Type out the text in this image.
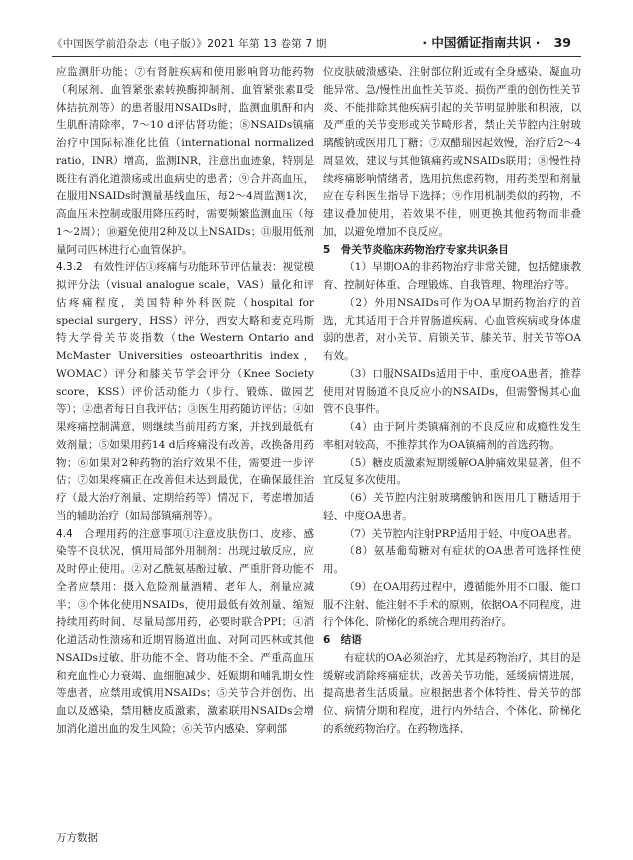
《中国医学前沿杂志（电子版）》2021 年第 13 卷第 7 期	· 中国循证指南共识 · 39

应监测肝功能；⑦有肾脏疾病和使用影响肾功能药物（利尿剂、血管紧张素转换酶抑制剂、血管紧张素Ⅱ受体拮抗剂等）的患者服用NSAIDs时，监测血肌酐和内生肌酐清除率，7～10 d评估肾功能；⑧NSAIDs镇痛治疗中国际标准化比值（international normalized ratio，INR）增高，监测INR，注意出血迹象，特别是既往有消化道溃疡或出血病史的患者；⑨合并高血压，在服用NSAIDs时测量基线血压，每2～4周监测1次，高血压未控制或服用降压药时，需要频繁监测血压（每1～2周）；⑩避免使用2种及以上NSAIDs；⑪服用低剂量阿司匹林进行心血管保护。

4.3.2　有效性评估①疼痛与功能环节评估量表：视觉模拟评分法（visual analogue scale，VAS）量化和评估疼痛程度，美国特种外科医院（hospital for special surgery，HSS）评分，西安大略和麦克玛斯特大学骨关节炎指数（the Western Ontario and McMaster Universities osteoarthritis index，WOMAC）评分和膝关节学会评分（Knee Society score，KSS）评价活动能力（步行、锻炼、做园艺等）；②患者每日自我评估；③医生用药随访评估；④如果疼痛控制满意，则继续当前用药方案，并找到最低有效剂量；⑤如果用药14 d后疼痛没有改善，改换备用药物；⑥如果对2种药物的治疗效果不佳，需要进一步评估；⑦如果疼痛正在改善但未达到最优，在确保最佳治疗（最大治疗剂量、定期给药等）情况下，考虑增加适当的辅助治疗（如局部镇痛剂等）。

4.4　合理用药的注意事项①注意皮肤伤口、皮疹、感染等不良状况，慎用局部外用制剂：出现过敏反应，应及时停止使用。②对乙酰氨基酚过敏、严重肝肾功能不全者应禁用：摄入危险剂量酒精、老年人，剂量应减半；③个体化使用NSAIDs，使用最低有效剂量、缩短持续用药时间、尽量局部用药，必要时联合PPI；④消化道活动性溃疡和近期胃肠道出血、对阿司匹林或其他NSAIDs过敏、肝功能不全、肾功能不全、严重高血压和充血性心力衰竭、血细胞减少、妊娠期和哺乳期女性等患者，应禁用或慎用NSAIDs；⑤关节合并创伤、出血以及感染，禁用糖皮质激素，激素联用NSAIDs会增加消化道出血的发生风险；⑥关节内感染、穿刺部

位皮肤破溃感染、注射部位附近或有全身感染、凝血功能异常、急/慢性出血性关节炎、损伤严重的创伤性关节炎、不能排除其他疾病引起的关节明显肿胀和积液，以及严重的关节变形或关节畸形者，禁止关节腔内注射玻璃酸钠或医用几丁糖；⑦双醋瑞因起效慢，治疗后2～4周显效，建议与其他镇痛药或NSAIDs联用；⑧慢性持续疼痛影响情绪者，选用抗焦虑药物，用药类型和剂量应在专科医生指导下选择；⑨作用机制类似的药物，不建议叠加使用，若效果不佳，则更换其他药物而非叠加，以避免增加不良反应。

5　骨关节炎临床药物治疗专家共识条目

（1）早期OA的非药物治疗非常关键，包括健康教育、控制好体重、合理锻炼、自我管理、物理治疗等。

（2）外用NSAIDs可作为OA早期药物治疗的首选，尤其适用于合并胃肠道疾病、心血管疾病或身体虚弱的患者，对小关节、肩锁关节、膝关节、肘关节等OA有效。

（3）口服NSAIDs适用于中、重度OA患者，推荐使用对胃肠道不良反应小的NSAIDs，但需警惕其心血管不良事件。

（4）由于阿片类镇痛剂的不良反应和成瘾性发生率相对较高，不推荐其作为OA镇痛剂的首选药物。

（5）糖皮质激素短期缓解OA肿痛效果显著，但不宜反复多次使用。

（6）关节腔内注射玻璃酸钠和医用几丁糖适用于轻、中度OA患者。

（7）关节腔内注射PRP适用于轻、中度OA患者。

（8）氨基葡萄糖对有症状的OA患者可选择性使用。

（9）在OA用药过程中，遵循能外用不口服、能口服不注射、能注射不手术的原则，依据OA不同程度，进行个体化、阶梯化的系统合理用药治疗。

6　结语

有症状的OA必须治疗，尤其是药物治疗，其目的是缓解或消除疼痛症状，改善关节功能，延缓病情进展，提高患者生活质量。应根据患者个体特性、骨关节的部位、病情分期和程度，进行内外结合、个体化、阶梯化的系统药物治疗。在药物选择、

万方数据
